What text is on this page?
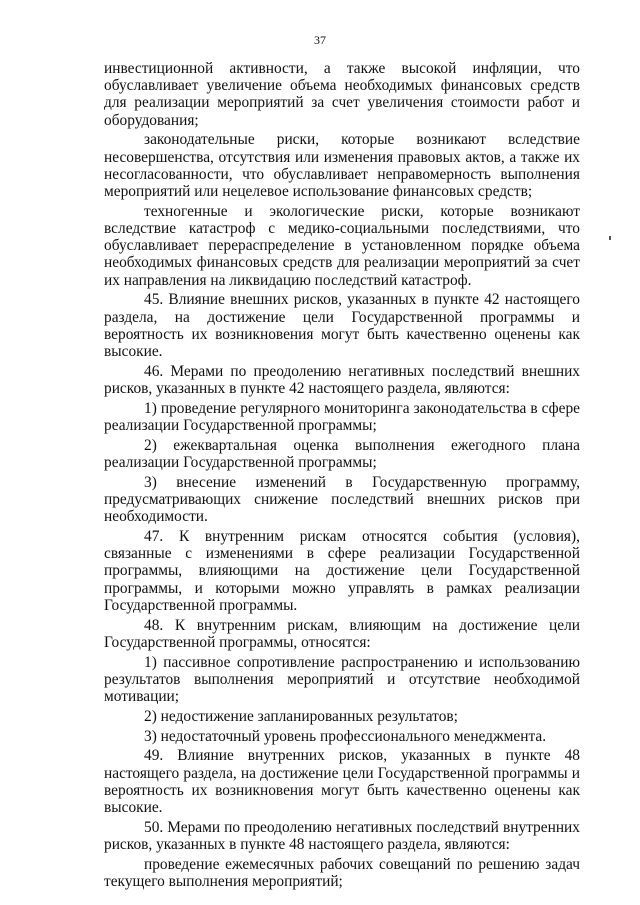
37

инвестиционной активности, а также высокой инфляции, что обуславливает увеличение объема необходимых финансовых средств для реализации мероприятий за счет увеличения стоимости работ и оборудования;

законодательные риски, которые возникают вследствие несовершенства, отсутствия или изменения правовых актов, а также их несогласованности, что обуславливает неправомерность выполнения мероприятий или нецелевое использование финансовых средств;

техногенные и экологические риски, которые возникают вследствие катастроф с медико-социальными последствиями, что обуславливает перераспределение в установленном порядке объема необходимых финансовых средств для реализации мероприятий за счет их направления на ликвидацию последствий катастроф.

45. Влияние внешних рисков, указанных в пункте 42 настоящего раздела, на достижение цели Государственной программы и вероятность их возникновения могут быть качественно оценены как высокие.

46. Мерами по преодолению негативных последствий внешних рисков, указанных в пункте 42 настоящего раздела, являются:

1) проведение регулярного мониторинга законодательства в сфере реализации Государственной программы;

2) ежеквартальная оценка выполнения ежегодного плана реализации Государственной программы;

3) внесение изменений в Государственную программу, предусматривающих снижение последствий внешних рисков при необходимости.

47. К внутренним рискам относятся события (условия), связанные с изменениями в сфере реализации Государственной программы, влияющими на достижение цели Государственной программы, и которыми можно управлять в рамках реализации Государственной программы.

48. К внутренним рискам, влияющим на достижение цели Государственной программы, относятся:

1) пассивное сопротивление распространению и использованию результатов выполнения мероприятий и отсутствие необходимой мотивации;

2) недостижение запланированных результатов;

3) недостаточный уровень профессионального менеджмента.

49. Влияние внутренних рисков, указанных в пункте 48 настоящего раздела, на достижение цели Государственной программы и вероятность их возникновения могут быть качественно оценены как высокие.

50. Мерами по преодолению негативных последствий внутренних рисков, указанных в пункте 48 настоящего раздела, являются:

проведение ежемесячных рабочих совещаний по решению задач текущего выполнения мероприятий;
